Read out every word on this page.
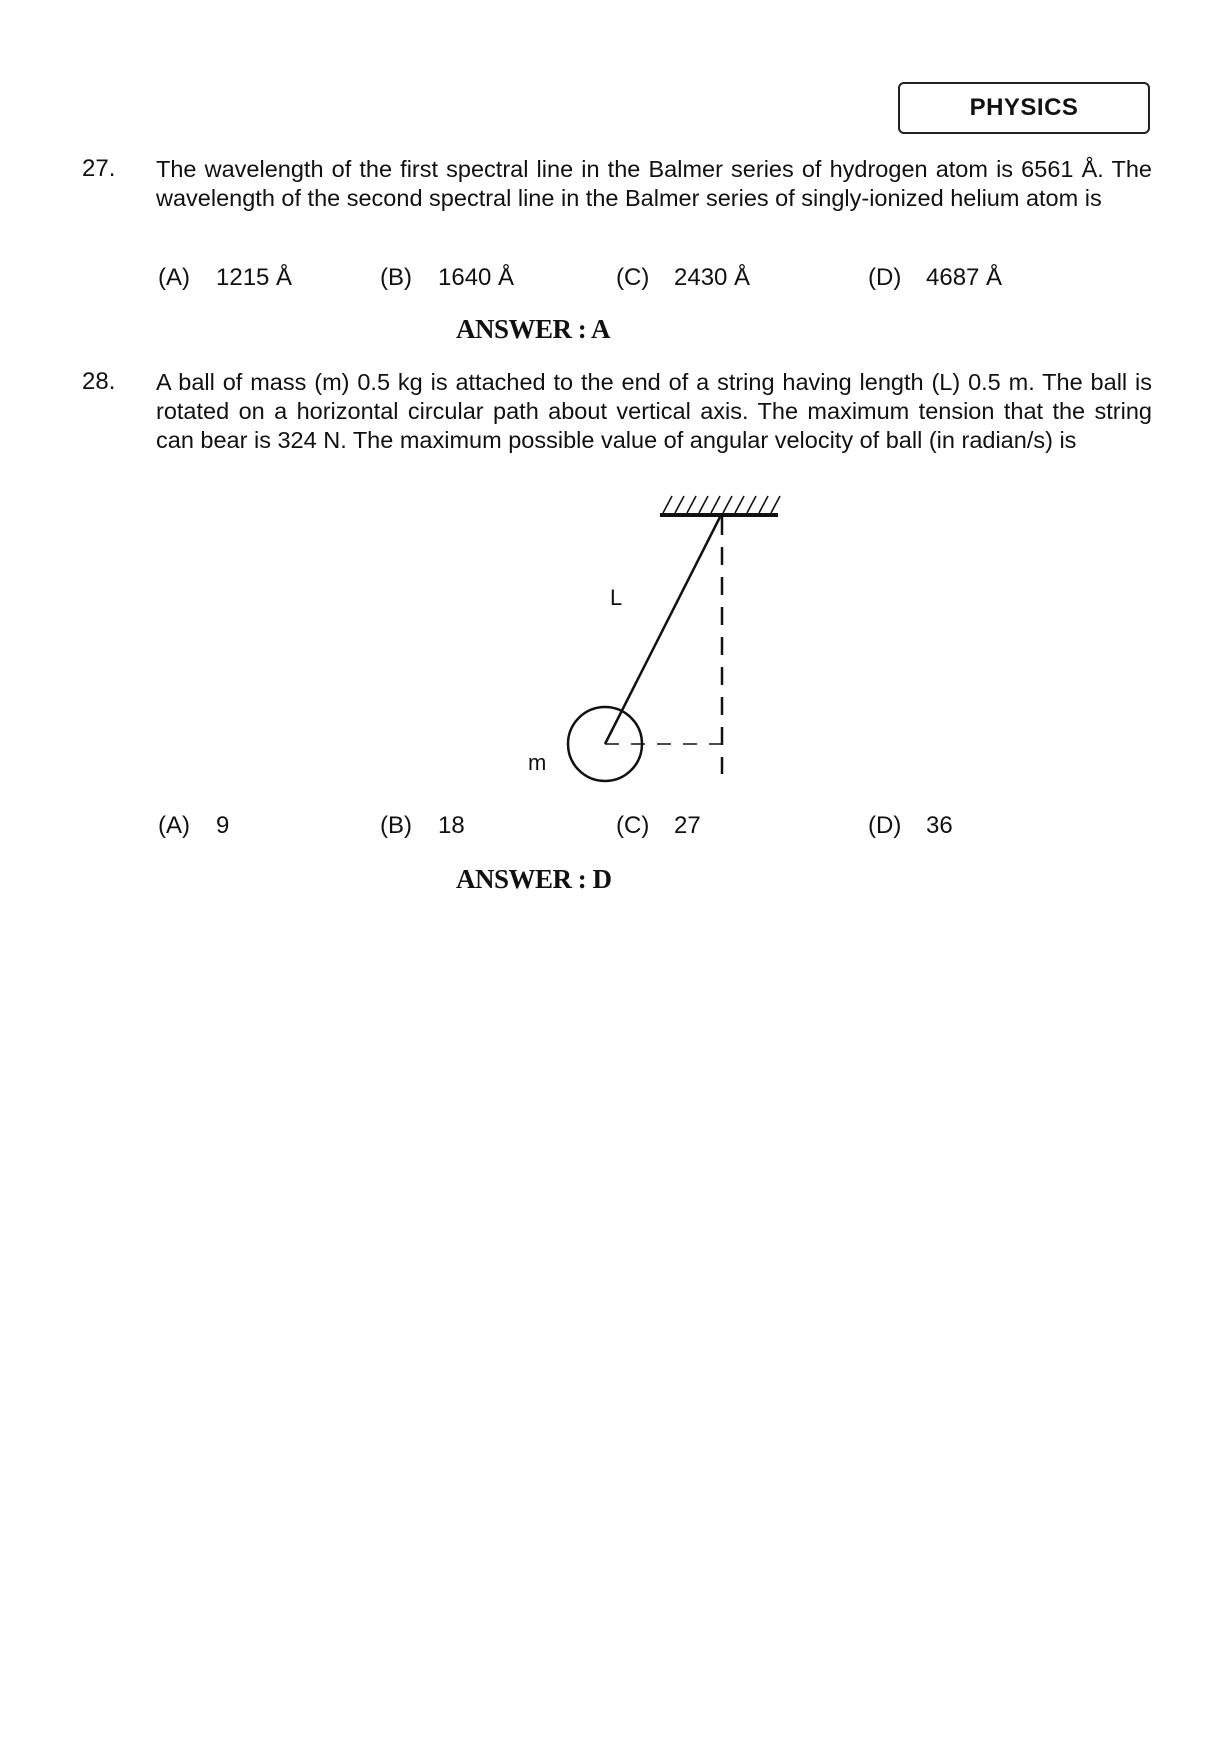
PHYSICS
27. The wavelength of the first spectral line in the Balmer series of hydrogen atom is 6561 Å. The wavelength of the second spectral line in the Balmer series of singly-ionized helium atom is
(A) 1215 Å	(B) 1640 Å	(C) 2430 Å	(D) 4687 Å
ANSWER : A
28. A ball of mass (m) 0.5 kg is attached to the end of a string having length (L) 0.5 m. The ball is rotated on a horizontal circular path about vertical axis. The maximum tension that the string can bear is 324 N. The maximum possible value of angular velocity of ball (in radian/s) is
L
m
(A) 9	(B) 18	(C) 27	(D) 36
ANSWER : D
